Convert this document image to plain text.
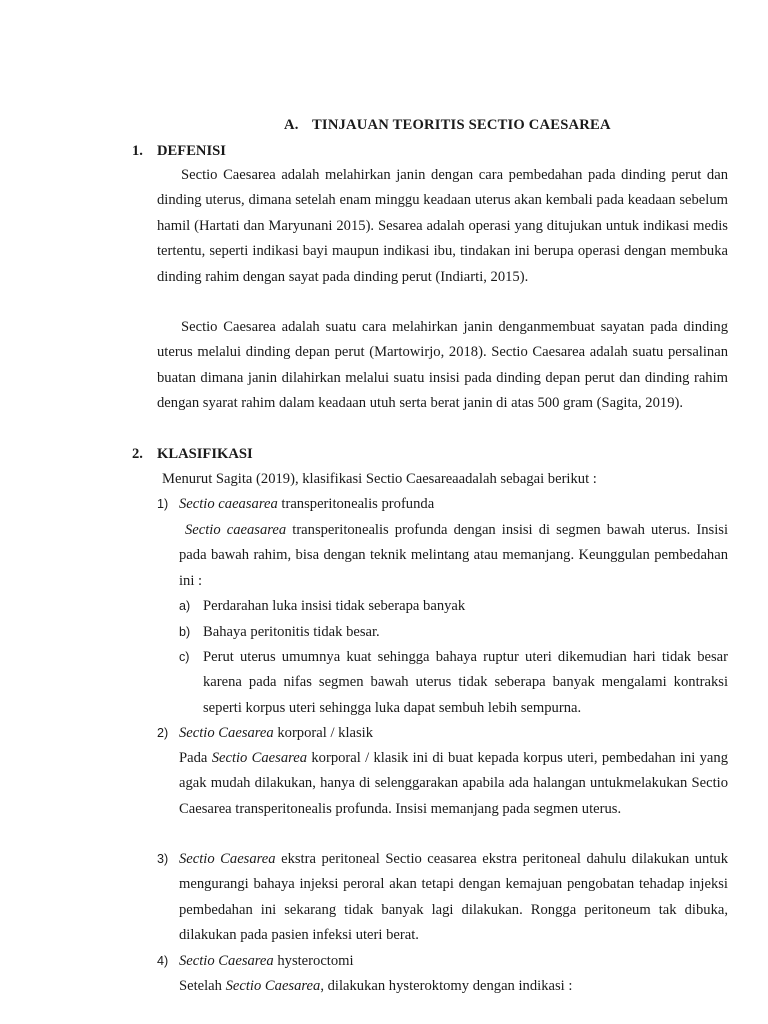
A. TINJAUAN TEORITIS SECTIO CAESAREA
1. DEFENISI

Sectio Caesarea adalah melahirkan janin dengan cara pembedahan pada dinding perut dan dinding uterus, dimana setelah enam minggu keadaan uterus akan kembali pada keadaan sebelum hamil (Hartati dan Maryunani 2015). Sesarea adalah operasi yang ditujukan untuk indikasi medis tertentu, seperti indikasi bayi maupun indikasi ibu, tindakan ini berupa operasi dengan membuka dinding rahim dengan sayat pada dinding perut (Indiarti, 2015).

Sectio Caesarea adalah suatu cara melahirkan janin denganmembuat sayatan pada dinding uterus melalui dinding depan perut (Martowirjo, 2018). Sectio Caesarea adalah suatu persalinan buatan dimana janin dilahirkan melalui suatu insisi pada dinding depan perut dan dinding rahim dengan syarat rahim dalam keadaan utuh serta berat janin di atas 500 gram (Sagita, 2019).

2. KLASIFIKASI
Menurut Sagita (2019), klasifikasi Sectio Caesareaadalah sebagai berikut :
1) Sectio caeasarea transperitonealis profunda

Sectio caeasarea transperitonealis profunda dengan insisi di segmen bawah uterus. Insisi pada bawah rahim, bisa dengan teknik melintang atau memanjang. Keunggulan pembedahan ini :

a) Perdarahan luka insisi tidak seberapa banyak
b) Bahaya peritonitis tidak besar.
c) Perut uterus umumnya kuat sehingga bahaya ruptur uteri dikemudian hari tidak besar karena pada nifas segmen bawah uterus tidak seberapa banyak mengalami kontraksi seperti korpus uteri sehingga luka dapat sembuh lebih sempurna.
2) Sectio Caesarea korporal / klasik

Pada Sectio Caesarea korporal / klasik ini di buat kepada korpus uteri, pembedahan ini yang agak mudah dilakukan, hanya di selenggarakan apabila ada halangan untukmelakukan Sectio Caesarea transperitonealis profunda. Insisi memanjang pada segmen uterus.

3) Sectio Caesarea ekstra peritoneal Sectio ceasarea ekstra peritoneal dahulu dilakukan untuk mengurangi bahaya injeksi peroral akan tetapi dengan kemajuan pengobatan tehadap injeksi pembedahan ini sekarang tidak banyak lagi dilakukan. Rongga peritoneum tak dibuka, dilakukan pada pasien infeksi uteri berat.
4) Sectio Caesarea hysteroctomi

Setelah Sectio Caesarea, dilakukan hysteroktomy dengan indikasi :
